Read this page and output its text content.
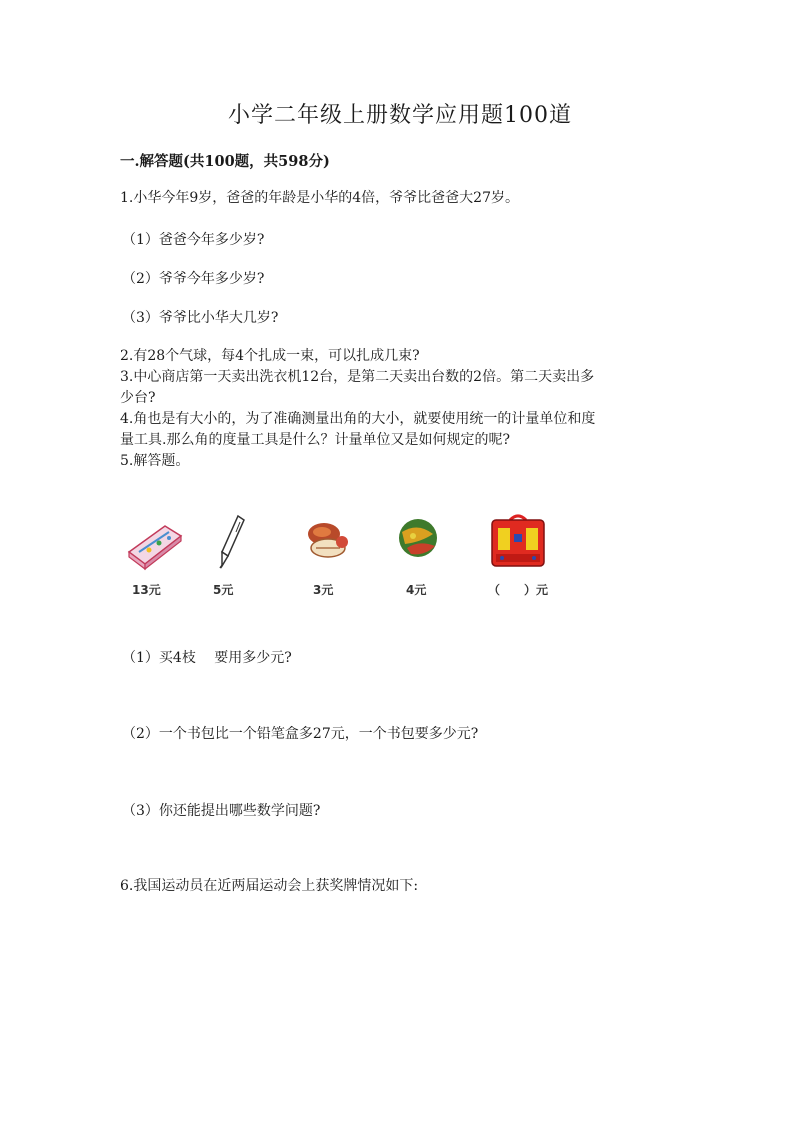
小学二年级上册数学应用题100道
一.解答题(共100题，共598分)
1.小华今年9岁，爸爸的年龄是小华的4倍，爷爷比爸爸大27岁。
（1）爸爸今年多少岁?
（2）爷爷今年多少岁?
（3）爷爷比小华大几岁?
2.有28个气球，每4个扎成一束，可以扎成几束?
3.中心商店第一天卖出洗衣机12台，是第二天卖出台数的2倍。第二天卖出多
少台?
4.角也是有大小的，为了准确测量出角的大小，就要使用统一的计量单位和度
量工具.那么角的度量工具是什么？计量单位又是如何规定的呢?
5.解答题。
13元	5元	3元	4元	（　　）元
（1）买4枝　 要用多少元?
（2）一个书包比一个铅笔盒多27元，一个书包要多少元?
（3）你还能提出哪些数学问题?
6.我国运动员在近两届运动会上获奖牌情况如下:
